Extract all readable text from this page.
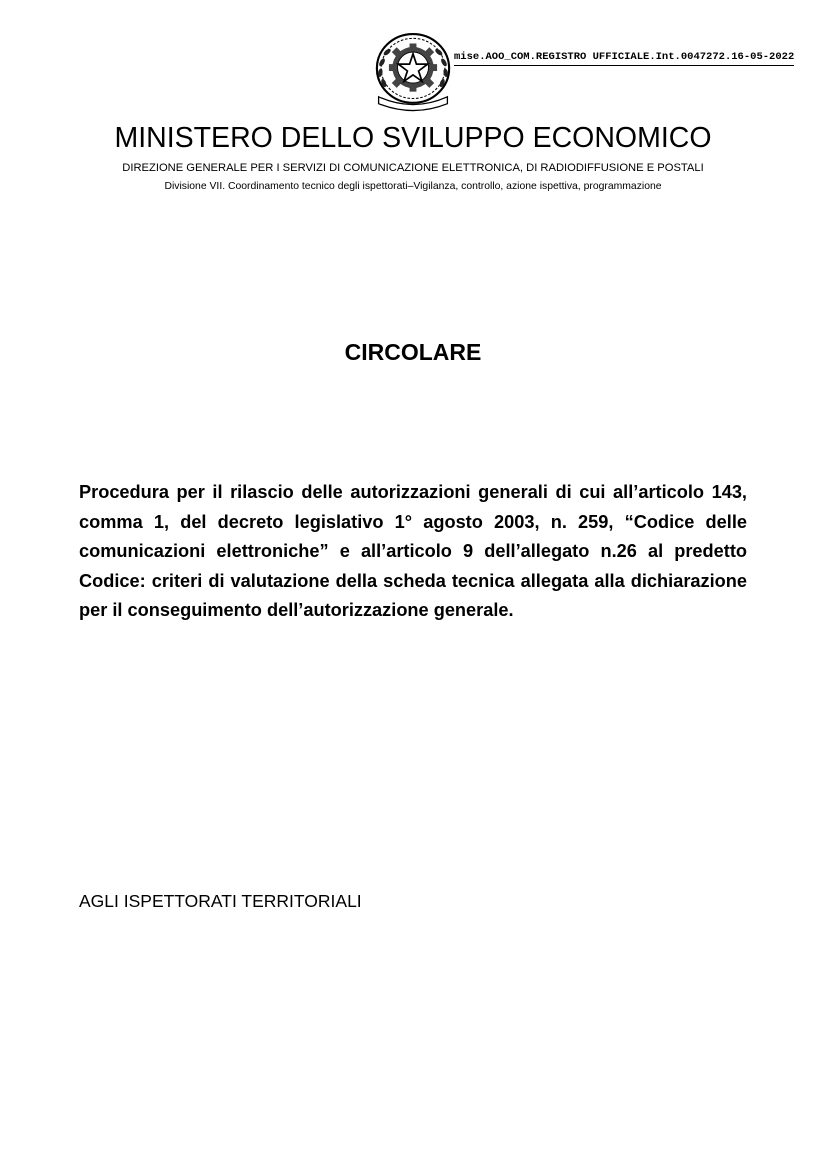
mise.AOO_COM.REGISTRO UFFICIALE.Int.0047272.16-05-2022
MINISTERO DELLO SVILUPPO ECONOMICO
DIREZIONE GENERALE PER I SERVIZI DI COMUNICAZIONE ELETTRONICA, DI RADIODIFFUSIONE E POSTALI
Divisione VII. Coordinamento tecnico degli ispettorati–Vigilanza, controllo, azione ispettiva, programmazione
CIRCOLARE
Procedura per il rilascio delle autorizzazioni generali di cui all’articolo 143, comma 1, del decreto legislativo 1° agosto 2003, n. 259, “Codice delle comunicazioni elettroniche” e all’articolo 9 dell’allegato n.26 al predetto Codice: criteri di valutazione della scheda tecnica allegata alla dichiarazione per il conseguimento dell’autorizzazione generale.
AGLI ISPETTORATI TERRITORIALI
